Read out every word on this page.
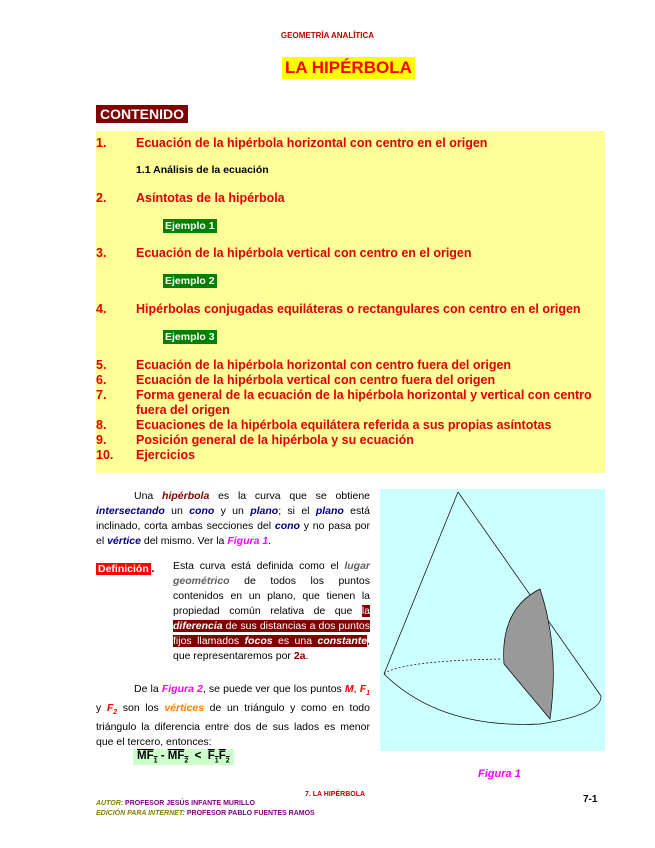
GEOMETRÍA ANALÍTICA
LA HIPÉRBOLA
CONTENIDO
1. Ecuación de la hipérbola horizontal con centro en el origen
1.1 Análisis de la ecuación
2. Asíntotas de la hipérbola
Ejemplo 1
3. Ecuación de la hipérbola vertical con centro en el origen
Ejemplo 2
4. Hipérbolas conjugadas equiláteras o rectangulares con centro en el origen
Ejemplo 3
5. Ecuación de la hipérbola horizontal con centro fuera del origen
6. Ecuación de la hipérbola vertical con centro fuera del origen
7. Forma general de la ecuación de la hipérbola horizontal y vertical con centro fuera del origen
8. Ecuaciones de la hipérbola equilátera referida a sus propias asíntotas
9. Posición general de la hipérbola y su ecuación
10. Ejercicios
Una hipérbola es la curva que se obtiene intersectando un cono y un plano; si el plano está inclinado, corta ambas secciones del cono y no pasa por el vértice del mismo. Ver la Figura 1.
Definición . Esta curva está definida como el lugar geométrico de todos los puntos contenidos en un plano, que tienen la propiedad común relativa de que la diferencia de sus distancias a dos puntos fijos llamados focos es una constante, que representaremos por 2a.
De la Figura 2, se puede ver que los puntos M, $F_1$ y $F_2$ son los vértices de un triángulo y como en todo triángulo la diferencia entre dos de sus lados es menor que el tercero, entonces:
$MF_1 - MF_2 < F_1F_2$
Figura 1
7. LA HIPÉRBOLA	7-1
AUTOR: PROFESOR JESÚS INFANTE MURILLO
EDICIÓN PARA INTERNET: PROFESOR PABLO FUENTES RAMOS
